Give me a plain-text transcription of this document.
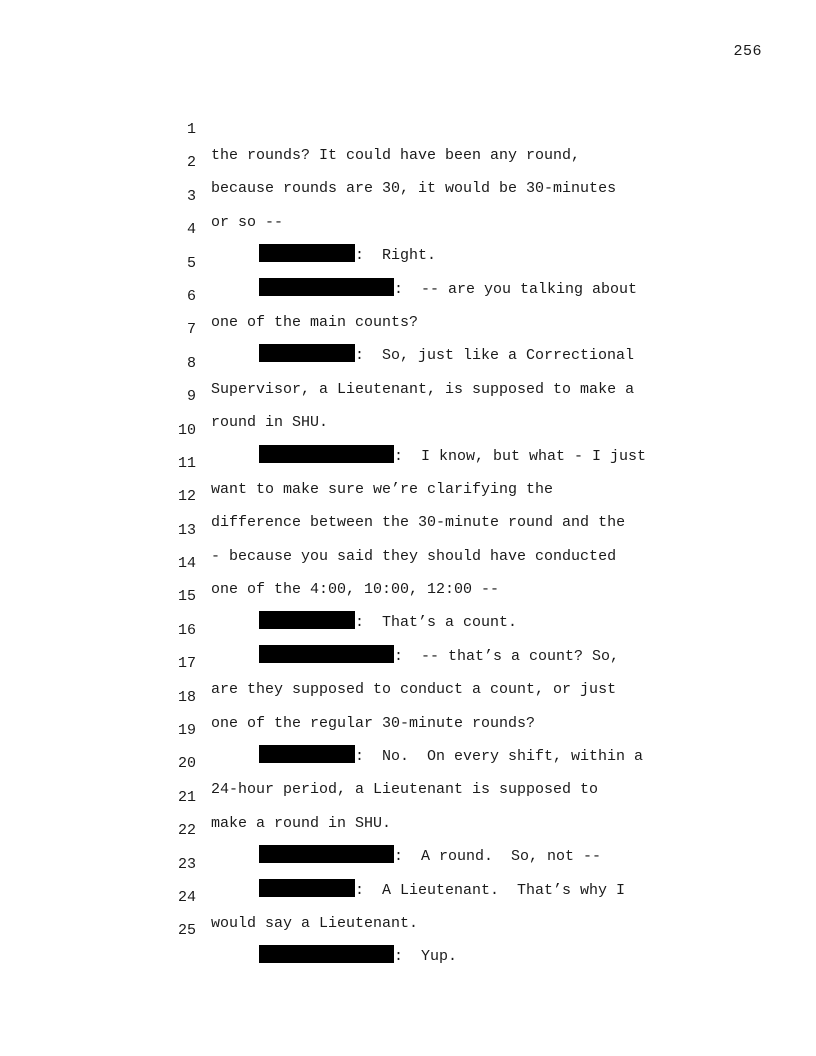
256

1

the rounds? It could have been any round,

2

because rounds are 30, it would be 30-minutes

3

or so --

4

:  Right.

5

:  -- are you talking about

6

one of the main counts?

7

:  So, just like a Correctional

8

Supervisor, a Lieutenant, is supposed to make a

9

round in SHU.

10

:  I know, but what - I just

11

want to make sure we’re clarifying the

12

difference between the 30-minute round and the

13

- because you said they should have conducted

14

one of the 4:00, 10:00, 12:00 --

15

:  That’s a count.

16

:  -- that’s a count? So,

17

are they supposed to conduct a count, or just

18

one of the regular 30-minute rounds?

19

:  No.  On every shift, within a

20

24-hour period, a Lieutenant is supposed to

21

make a round in SHU.

22

:  A round.  So, not --

23

:  A Lieutenant.  That’s why I

24

would say a Lieutenant.

25

:  Yup.
